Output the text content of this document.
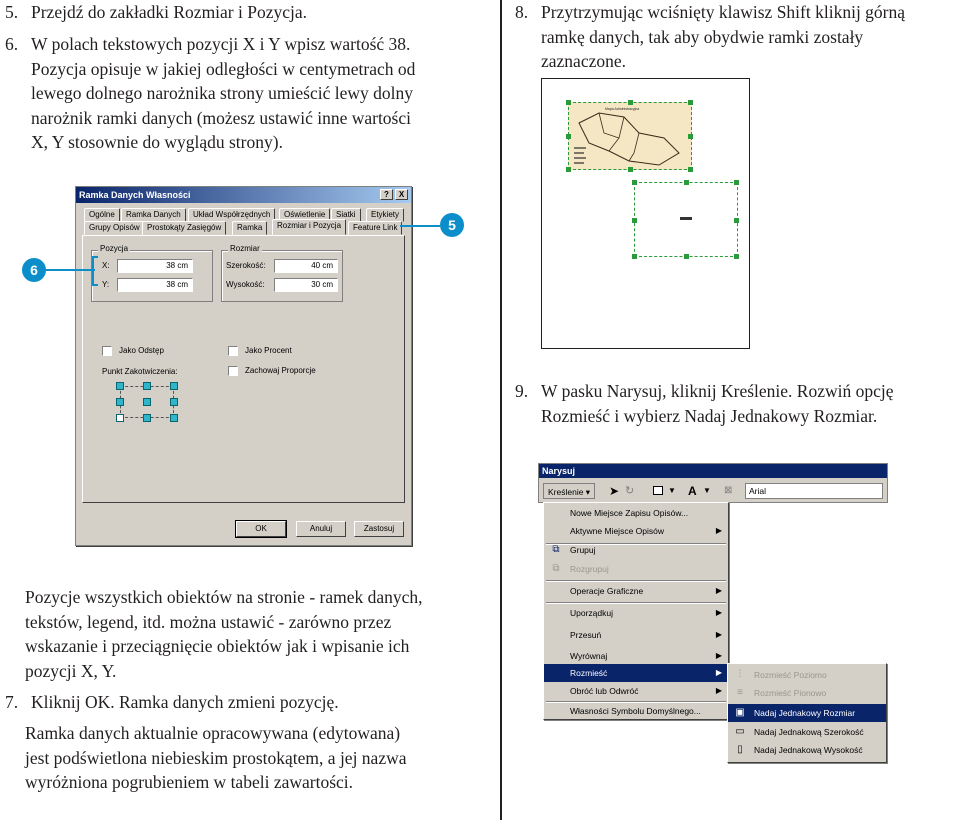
5. Przejdź do zakładki Rozmiar i Pozycja.
6. W polach tekstowych pozycji X i Y wpisz wartość 38.
Pozycja opisuje w jakiej odległości w centymetrach od
lewego dolnego narożnika strony umieścić lewy dolny
narożnik ramki danych (możesz ustawić inne wartości
X, Y stosownie do wyglądu strony).
Ramka Danych Własności	?	X
Ogólne	Ramka Danych	Układ Współrzędnych	Oświetlenie	Siatki	Etykiety
Grupy Opisów Prostokąty Zasięgów	Ramka	Rozmiar i Pozycja	Feature Link
Pozycja
X:	38 cm
Y:	38 cm
Jako Odstęp
Punkt Zakotwiczenia:
Rozmiar
Szerokość:	40 cm
Wysokość:	30 cm
Jako Procent
Zachowaj Proporcje
OK	Anuluj	Zastosuj
5
6
Pozycje wszystkich obiektów na stronie - ramek danych,
tekstów, legend, itd. można ustawić - zarówno przez
wskazanie i przeciągnięcie obiektów jak i wpisanie ich
pozycji X, Y.
7. Kliknij OK. Ramka danych zmieni pozycję.
Ramka danych aktualnie opracowywana (edytowana)
jest podświetlona niebieskim prostokątem, a jej nazwa
wyróżniona pogrubieniem w tabeli zawartości.
8. Przytrzymując wciśnięty klawisz Shift kliknij górną
ramkę danych, tak aby obydwie ramki zostały
zaznaczone.
Mapa Administracyjna
9. W pasku Narysuj, kliknij Kreślenie. Rozwiń opcję
Rozmieść i wybierz Nadaj Jednakowy Rozmiar.
Narysuj
Kreślenie ▾	➤ ↻	▼ A ▼ ⊠	Arial
Nowe Miejsce Zapisu Opisów...
Aktywne Miejsce Opisów	▶
⧉ Grupuj
⧉ Rozgrupuj
Operacje Graficzne	▶
Uporządkuj	▶
Przesuń	▶
Wyrównaj	▶
Rozmieść	▶
Obróć lub Odwróć	▶
Własności Symbolu Domyślnego...
⫶	Rozmieść Poziomo
≡	Rozmieść Pionowo
▣ Nadaj Jednakowy Rozmiar
▭ Nadaj Jednakową Szerokość
▯	Nadaj Jednakową Wysokość
